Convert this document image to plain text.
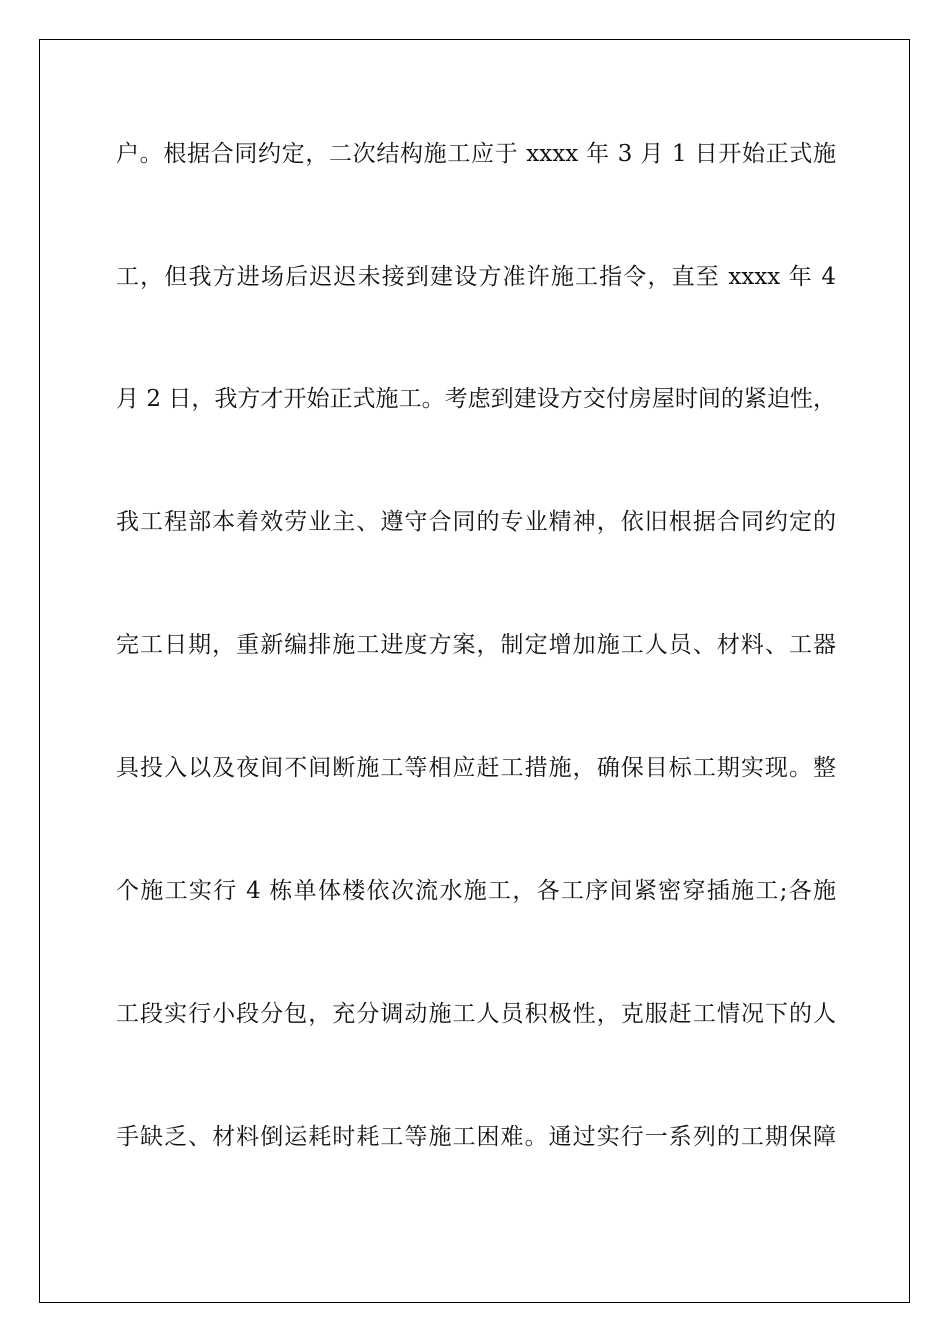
户。根据合同约定，二次结构施工应于 xxxx 年 3 月 1 日开始正式施
工，但我方进场后迟迟未接到建设方准许施工指令，直至 xxxx 年 4
月 2 日，我方才开始正式施工。考虑到建设方交付房屋时间的紧迫性，
我工程部本着效劳业主、遵守合同的专业精神，依旧根据合同约定的
完工日期，重新编排施工进度方案，制定增加施工人员、材料、工器
具投入以及夜间不间断施工等相应赶工措施，确保目标工期实现。整
个施工实行 4 栋单体楼依次流水施工，各工序间紧密穿插施工;各施
工段实行小段分包，充分调动施工人员积极性，克服赶工情况下的人
手缺乏、材料倒运耗时耗工等施工困难。通过实行一系列的工期保障
